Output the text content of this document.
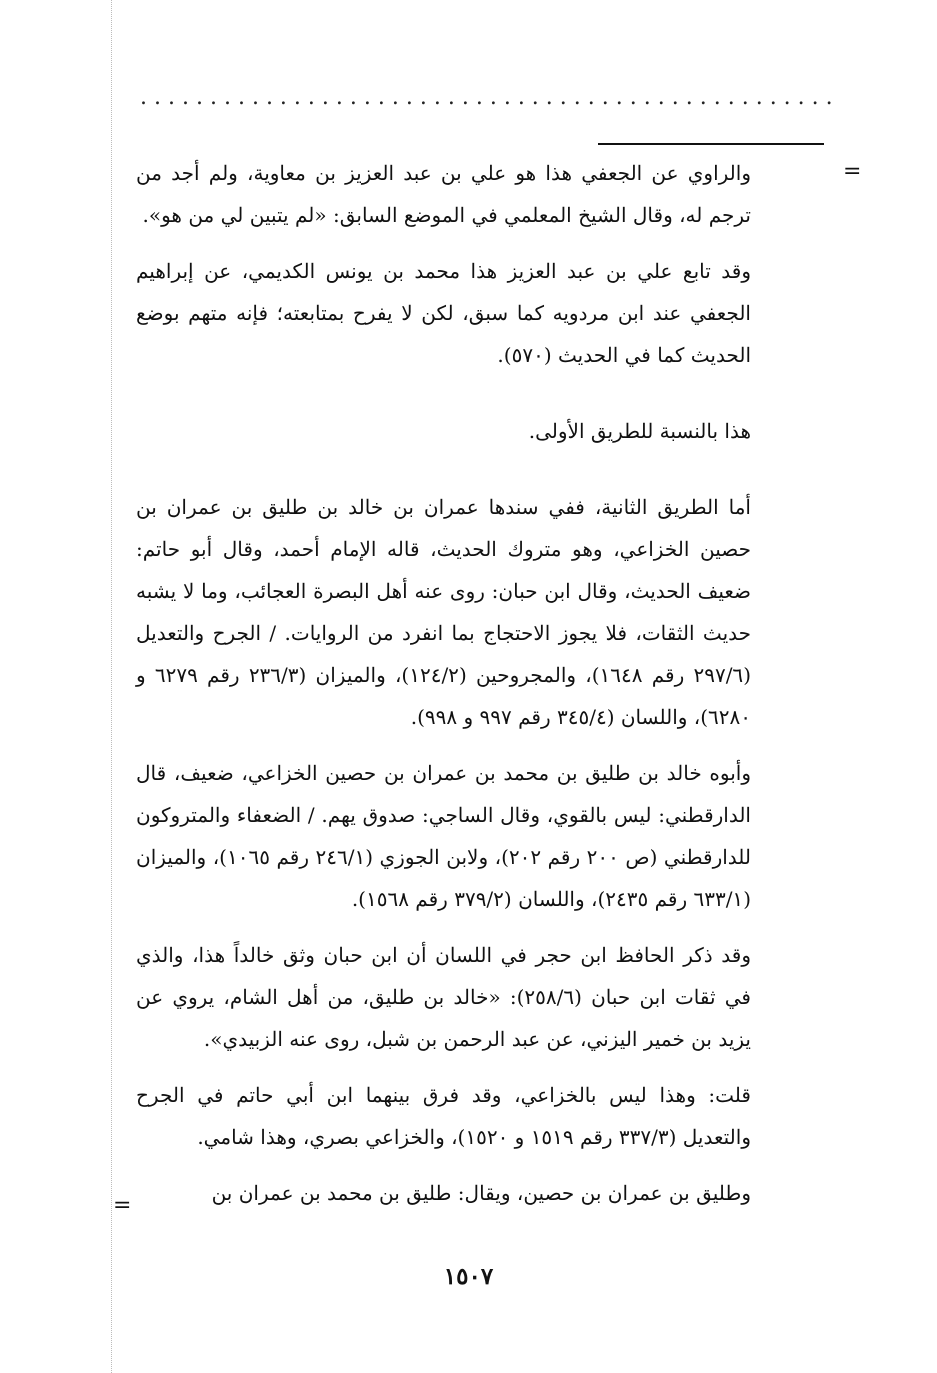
..................................................
=

والراوي عن الجعفي هذا هو علي بن عبد العزيز بن معاوية، ولم أجد من ترجم له، وقال الشيخ المعلمي في الموضع السابق: «لم يتبين لي من هو».

وقد تابع علي بن عبد العزيز هذا محمد بن يونس الكديمي، عن إبراهيم الجعفي عند ابن مردويه كما سبق، لكن لا يفرح بمتابعته؛ فإنه متهم بوضع الحديث كما في الحديث (٥٧٠).

هذا بالنسبة للطريق الأولى.

أما الطريق الثانية، ففي سندها عمران بن خالد بن طليق بن عمران بن حصين الخزاعي، وهو متروك الحديث، قاله الإمام أحمد، وقال أبو حاتم: ضعيف الحديث، وقال ابن حبان: روى عنه أهل البصرة العجائب، وما لا يشبه حديث الثقات، فلا يجوز الاحتجاج بما انفرد من الروايات. / الجرح والتعديل (٢٩٧/٦ رقم ١٦٤٨)، والمجروحين (١٢٤/٢)، والميزان (٢٣٦/٣ رقم ٦٢٧٩ و ٦٢٨٠)، واللسان (٣٤٥/٤ رقم ٩٩٧ و ٩٩٨).

وأبوه خالد بن طليق بن محمد بن عمران بن حصين الخزاعي، ضعيف، قال الدارقطني: ليس بالقوي، وقال الساجي: صدوق يهم. / الضعفاء والمتروكون للدارقطني (ص ٢٠٠ رقم ٢٠٢)، ولابن الجوزي (٢٤٦/١ رقم ١٠٦٥)، والميزان (٦٣٣/١ رقم ٢٤٣٥)، واللسان (٣٧٩/٢ رقم ١٥٦٨).

وقد ذكر الحافظ ابن حجر في اللسان أن ابن حبان وثق خالداً هذا، والذي في ثقات ابن حبان (٢٥٨/٦): «خالد بن طليق، من أهل الشام، يروي عن يزيد بن خمير اليزني، عن عبد الرحمن بن شبل، روى عنه الزبيدي».

قلت: وهذا ليس بالخزاعي، وقد فرق بينهما ابن أبي حاتم في الجرح والتعديل (٣٣٧/٣ رقم ١٥١٩ و ١٥٢٠)، والخزاعي بصري، وهذا شامي.

وطليق بن عمران بن حصين، ويقال: طليق بن محمد بن عمران بن

=
١٥٠٧
